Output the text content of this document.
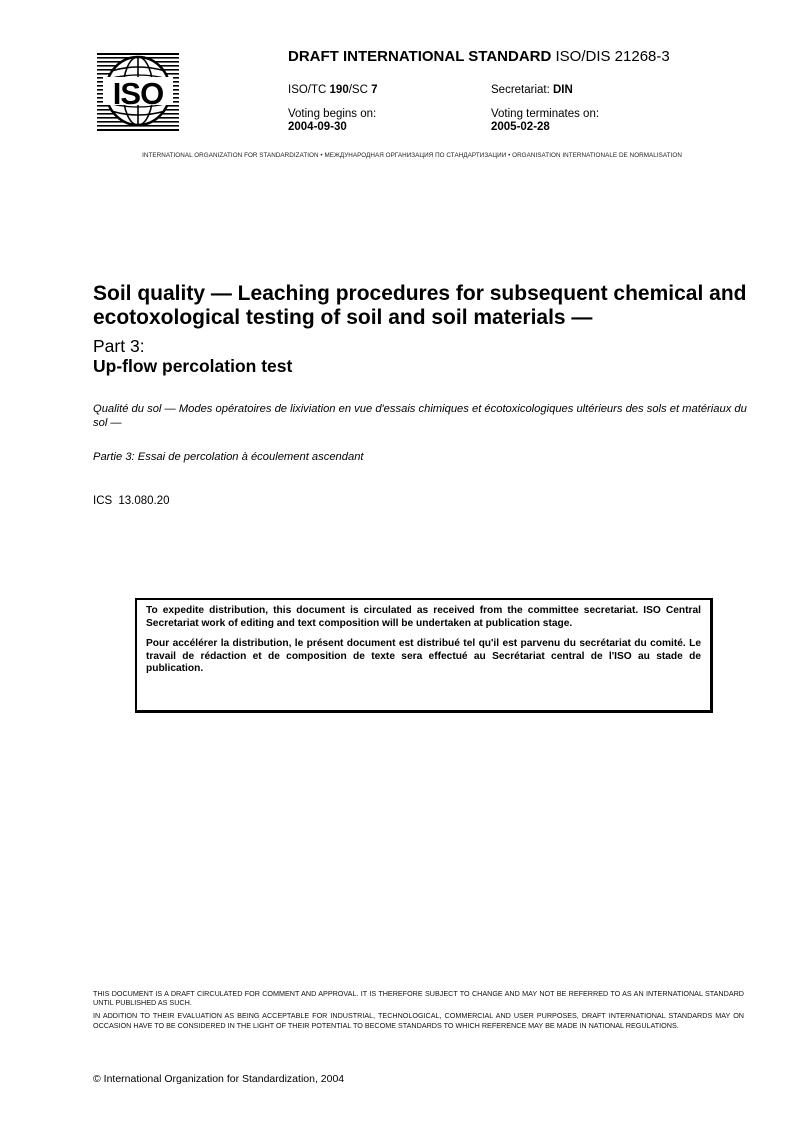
ISO
DRAFT INTERNATIONAL STANDARD ISO/DIS 21268-3
ISO/TC 190/SC 7	Secretariat: DIN
Voting begins on:
2004-09-30
Voting terminates on:
2005-02-28
INTERNATIONAL ORGANIZATION FOR STANDARDIZATION • МЕЖДУНАРОДНАЯ ОРГАНИЗАЦИЯ ПО СТАНДАРТИЗАЦИИ • ORGANISATION INTERNATIONALE DE NORMALISATION
Soil quality — Leaching procedures for subsequent chemical and ecotoxological testing of soil and soil materials —
Part 3:
Up-flow percolation test
Qualité du sol — Modes opératoires de lixiviation en vue d'essais chimiques et écotoxicologiques ultérieurs des sols et matériaux du sol —
Partie 3: Essai de percolation à écoulement ascendant
ICS 13.080.20

To expedite distribution, this document is circulated as received from the committee secretariat. ISO Central Secretariat work of editing and text composition will be undertaken at publication stage.

Pour accélérer la distribution, le présent document est distribué tel qu'il est parvenu du secrétariat du comité. Le travail de rédaction et de composition de texte sera effectué au Secrétariat central de l'ISO au stade de publication.

THIS DOCUMENT IS A DRAFT CIRCULATED FOR COMMENT AND APPROVAL. IT IS THEREFORE SUBJECT TO CHANGE AND MAY NOT BE REFERRED TO AS AN INTERNATIONAL STANDARD UNTIL PUBLISHED AS SUCH.

IN ADDITION TO THEIR EVALUATION AS BEING ACCEPTABLE FOR INDUSTRIAL, TECHNOLOGICAL, COMMERCIAL AND USER PURPOSES, DRAFT INTERNATIONAL STANDARDS MAY ON OCCASION HAVE TO BE CONSIDERED IN THE LIGHT OF THEIR POTENTIAL TO BECOME STANDARDS TO WHICH REFERENCE MAY BE MADE IN NATIONAL REGULATIONS.

© International Organization for Standardization, 2004
